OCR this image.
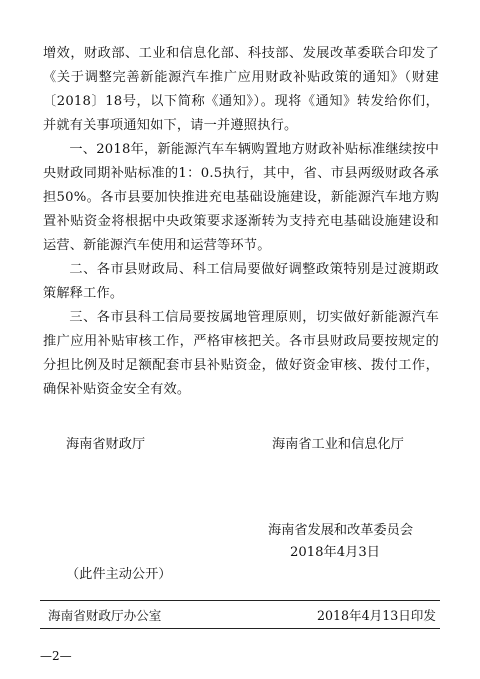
增效，财政部、工业和信息化部、科技部、发展改革委联合印发了《关于调整完善新能源汽车推广应用财政补贴政策的通知》（财建〔2018〕18号，以下简称《通知》）。现将《通知》转发给你们，并就有关事项通知如下，请一并遵照执行。

一、2018年，新能源汽车车辆购置地方财政补贴标准继续按中央财政同期补贴标准的1：0.5执行，其中，省、市县两级财政各承担50%。各市县要加快推进充电基础设施建设，新能源汽车地方购置补贴资金将根据中央政策要求逐渐转为支持充电基础设施建设和运营、新能源汽车使用和运营等环节。

二、各市县财政局、科工信局要做好调整政策特别是过渡期政策解释工作。

三、各市县科工信局要按属地管理原则，切实做好新能源汽车推广应用补贴审核工作，严格审核把关。各市县财政局要按规定的分担比例及时足额配套市县补贴资金，做好资金审核、拨付工作，确保补贴资金安全有效。

海南省财政厅	海南省工业和信息化厅
海南省发展和改革委员会
2018年4月3日
（此件主动公开）
海南省财政厅办公室	2018年4月13日印发
—2—
